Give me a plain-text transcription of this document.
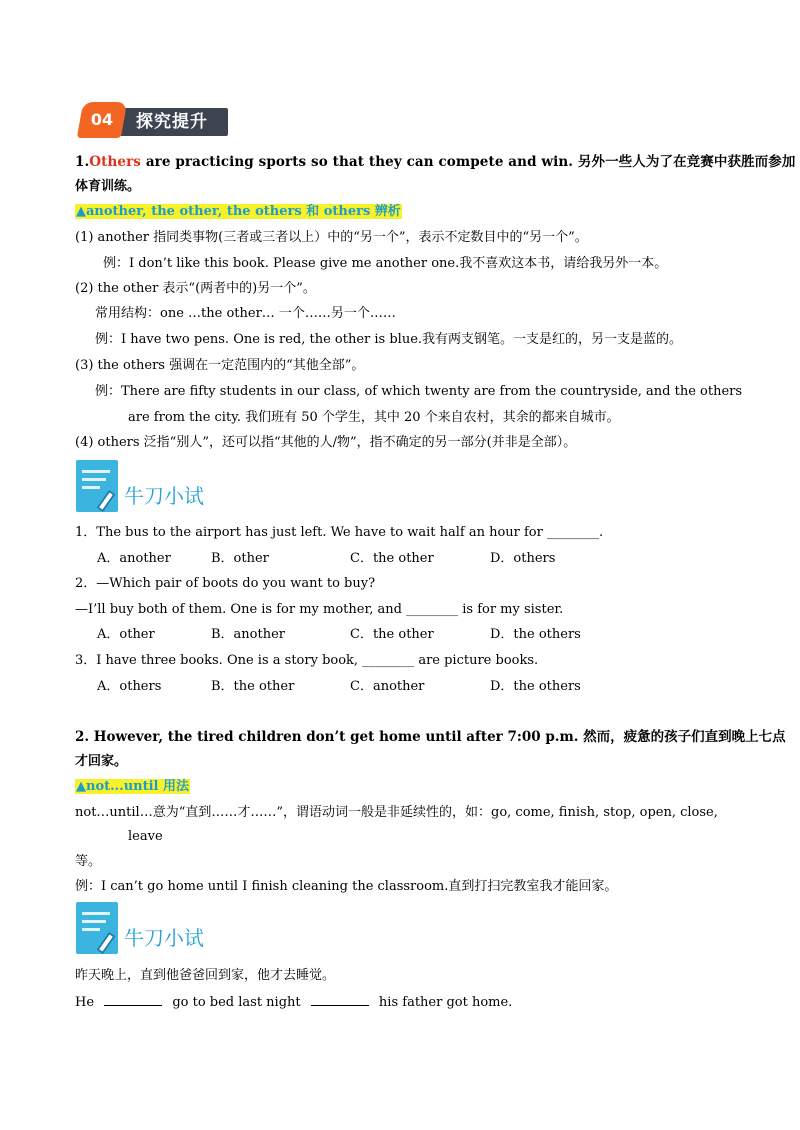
04	探究提升
1.Others are practicing sports so that they can compete and win. 另外一些人为了在竞赛中获胜而参加
体育训练。
▲another, the other, the others 和 others 辨析
(1) another 指同类事物(三者或三者以上）中的“另一个”，表示不定数目中的“另一个”。
例：I don’t like this book. Please give me another one.我不喜欢这本书，请给我另外一本。
(2) the other 表示“(两者中的)另一个”。
常用结构：one …the other… 一个……另一个……
例：I have two pens. One is red, the other is blue.我有两支钢笔。一支是红的，另一支是蓝的。
(3) the others 强调在一定范围内的“其他全部”。
例：There are fifty students in our class, of which twenty are from the countryside, and the others
are from the city. 我们班有 50 个学生，其中 20 个来自农村，其余的都来自城市。
(4) others 泛指“别人”，还可以指“其他的人/物”，指不确定的另一部分(并非是全部）。
牛刀小试
1．The bus to the airport has just left. We have to wait half an hour for ________.
A．another	B．other	C．the other	D．others
2．—Which pair of boots do you want to buy?
—I’ll buy both of them. One is for my mother, and ________ is for my sister.
A．other	B．another	C．the other	D．the others
3．I have three books. One is a story book, ________ are picture books.
A．others	B．the other	C．another	D．the others
2. However, the tired children don’t get home until after 7:00 p.m. 然而，疲惫的孩子们直到晚上七点
才回家。
▲not...until 用法
not…until…意为“直到……才……”，谓语动词一般是非延续性的，如：go, come, finish, stop, open, close,
leave
等。
例：I can’t go home until I finish cleaning the classroom.直到打扫完教室我才能回家。
牛刀小试
昨天晚上，直到他爸爸回到家，他才去睡觉。
He	go to bed last night	his father got home.
